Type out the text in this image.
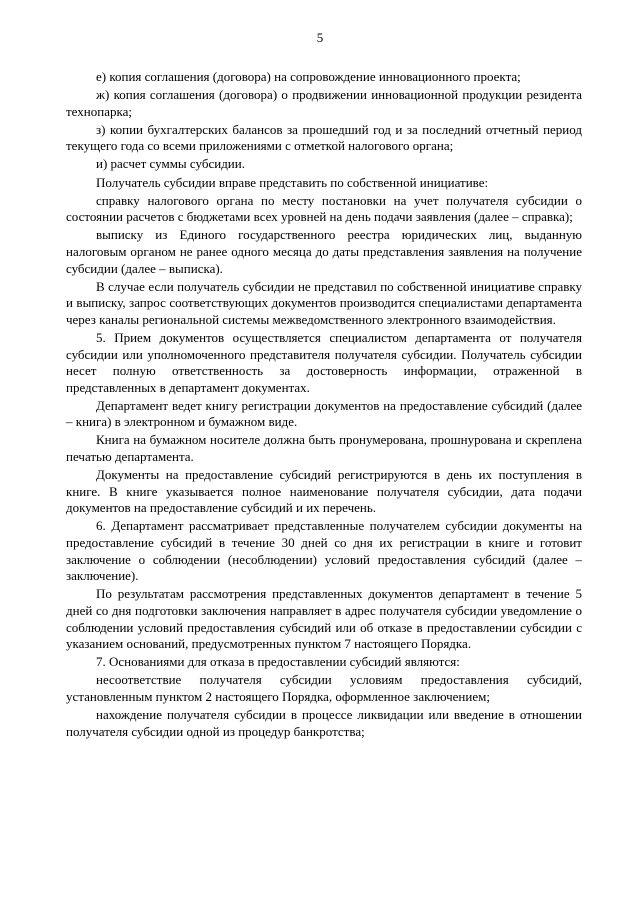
5

е) копия соглашения (договора) на сопровождение инновационного проекта;

ж) копия соглашения (договора) о продвижении инновационной продукции резидента технопарка;

з) копии бухгалтерских балансов за прошедший год и за последний отчетный период текущего года со всеми приложениями с отметкой налогового органа;

и) расчет суммы субсидии.

Получатель субсидии вправе представить по собственной инициативе:

справку налогового органа по месту постановки на учет получателя субсидии о состоянии расчетов с бюджетами всех уровней на день подачи заявления (далее – справка);

выписку из Единого государственного реестра юридических лиц, выданную налоговым органом не ранее одного месяца до даты представления заявления на получение субсидии (далее – выписка).

В случае если получатель субсидии не представил по собственной инициативе справку и выписку, запрос соответствующих документов производится специалистами департамента через каналы региональной системы межведомственного электронного взаимодействия.

5. Прием документов осуществляется специалистом департамента от получателя субсидии или уполномоченного представителя получателя субсидии. Получатель субсидии несет полную ответственность за достоверность информации, отраженной в представленных в департамент документах.

Департамент ведет книгу регистрации документов на предоставление субсидий (далее – книга) в электронном и бумажном виде.

Книга на бумажном носителе должна быть пронумерована, прошнурована и скреплена печатью департамента.

Документы на предоставление субсидий регистрируются в день их поступления в книге. В книге указывается полное наименование получателя субсидии, дата подачи документов на предоставление субсидий и их перечень.

6. Департамент рассматривает представленные получателем субсидии документы на предоставление субсидий в течение 30 дней со дня их регистрации в книге и готовит заключение о соблюдении (несоблюдении) условий предоставления субсидий (далее – заключение).

По результатам рассмотрения представленных документов департамент в течение 5 дней со дня подготовки заключения направляет в адрес получателя субсидии уведомление о соблюдении условий предоставления субсидий или об отказе в предоставлении субсидии с указанием оснований, предусмотренных пунктом 7 настоящего Порядка.

7. Основаниями для отказа в предоставлении субсидий являются:

несоответствие получателя субсидии условиям предоставления субсидий, установленным пунктом 2 настоящего Порядка, оформленное заключением;

нахождение получателя субсидии в процессе ликвидации или введение в отношении получателя субсидии одной из процедур банкротства;
